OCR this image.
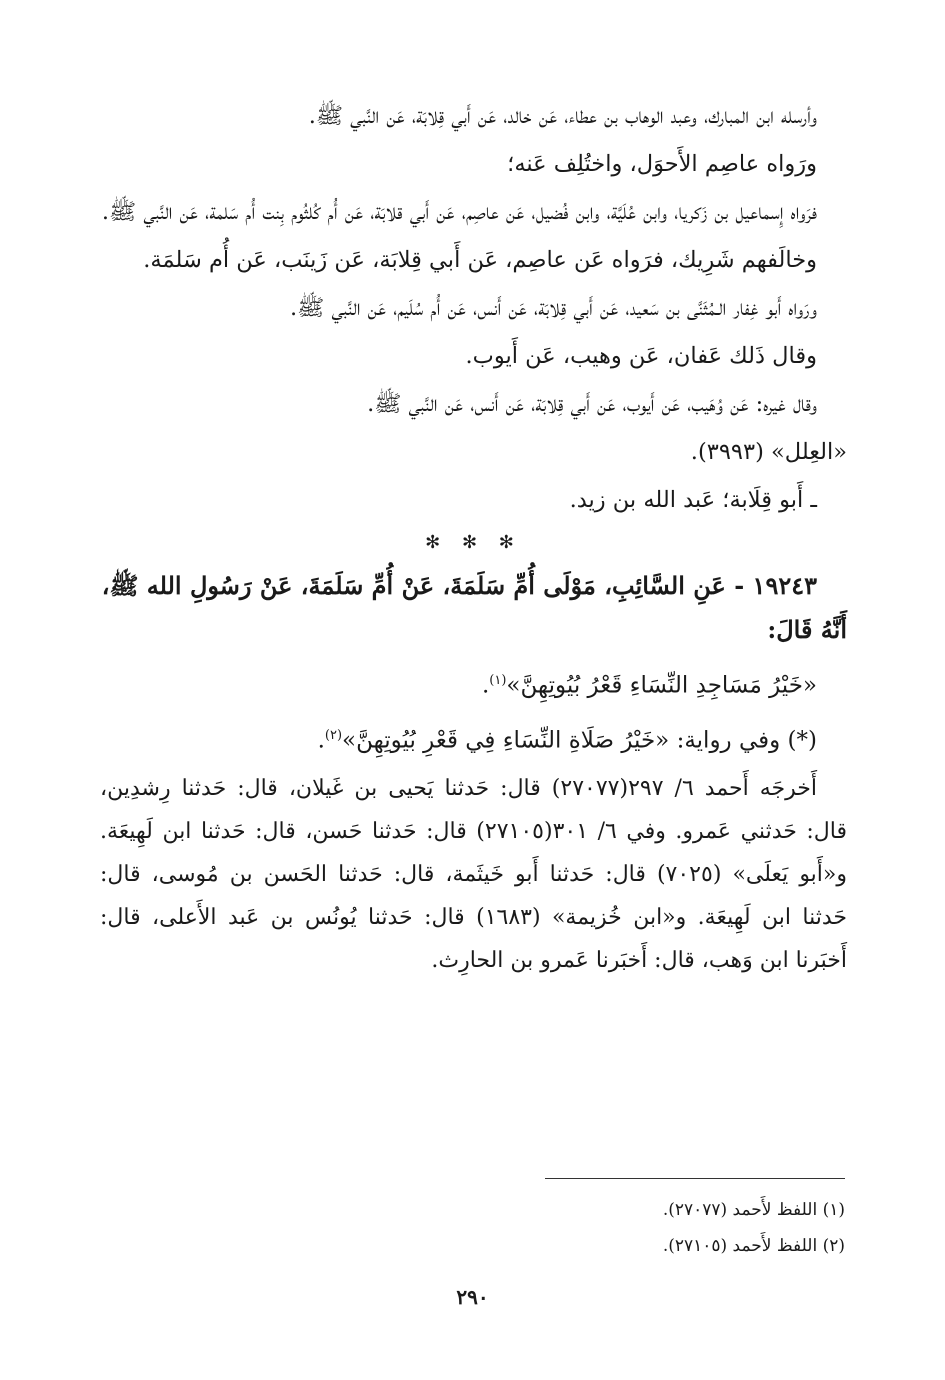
وأرسله ابن المبارك، وعبد الوهاب بن عطاء، عَن خالد، عَن أَبي قِلابَة، عَن النَّبي ﷺ.

ورَواه عاصِم الأَحوَل، واختُلِف عَنه؛

فرَواه إِسماعيل بن زَكريا، وابن عُلَيَّة، وابن فُضيل، عَن عاصِم، عَن أَبي قلابَة، عَن أُم كُلثُوم بِنت أُم سَلمة، عَن النَّبي ﷺ.

وخالَفهم شَرِيك، فرَواه عَن عاصِم، عَن أَبي قِلابَة، عَن زَينَب، عَن أُم سَلمَة.

ورَواه أَبو غِفار الـمُثَنَّى بن سَعيد، عَن أَبي قِلابَة، عَن أَنس، عَن أُم سُلَيم، عَن النَّبي ﷺ.

وقال ذَلك عَفان، عَن وهيب، عَن أَيوب.

وقال غيره: عَن وُهَيب، عَن أَيوب، عَن أَبي قِلابَة، عَن أَنس، عَن النَّبي ﷺ.

«العِلل» (٣٩٩٣).

ـ أَبو قِلَابة؛ عَبد الله بن زيد.

✻ ✻ ✻

١٩٢٤٣ - عَنِ السَّائِبِ، مَوْلَى أُمِّ سَلَمَةَ، عَنْ أُمِّ سَلَمَةَ، عَنْ رَسُولِ الله ﷺ، أَنَّهُ قَالَ:

«خَيْرُ مَسَاجِدِ النِّسَاءِ قَعْرُ بُيُوتِهِنَّ»$^{(١)}$.

(*) وفي رواية: «خَيْرُ صَلَاةِ النِّسَاءِ فِي قَعْرِ بُيُوتِهِنَّ»$^{(٢)}$.

أَخرجَه أَحمد ٦/ ٢٩٧(٢٧٠٧٧) قال: حَدثنا يَحيى بن غَيلان، قال: حَدثنا رِشدِين، قال: حَدثني عَمرو. وفي ٦/ ٣٠١(٢٧١٠٥) قال: حَدثنا حَسن، قال: حَدثنا ابن لَهِيعَة. و«أَبو يَعلَى» (٧٠٢٥) قال: حَدثنا أَبو خَيثَمة، قال: حَدثنا الحَسن بن مُوسى، قال: حَدثنا ابن لَهِيعَة. و«ابن خُزيمة» (١٦٨٣) قال: حَدثنا يُونُس بن عَبد الأَعلى، قال: أَخبَرنا ابن وَهب، قال: أَخبَرنا عَمرو بن الحارِث.

(١) اللفظ لأَحمد (٢٧٠٧٧).

(٢) اللفظ لأَحمد (٢٧١٠٥).

٢٩٠
